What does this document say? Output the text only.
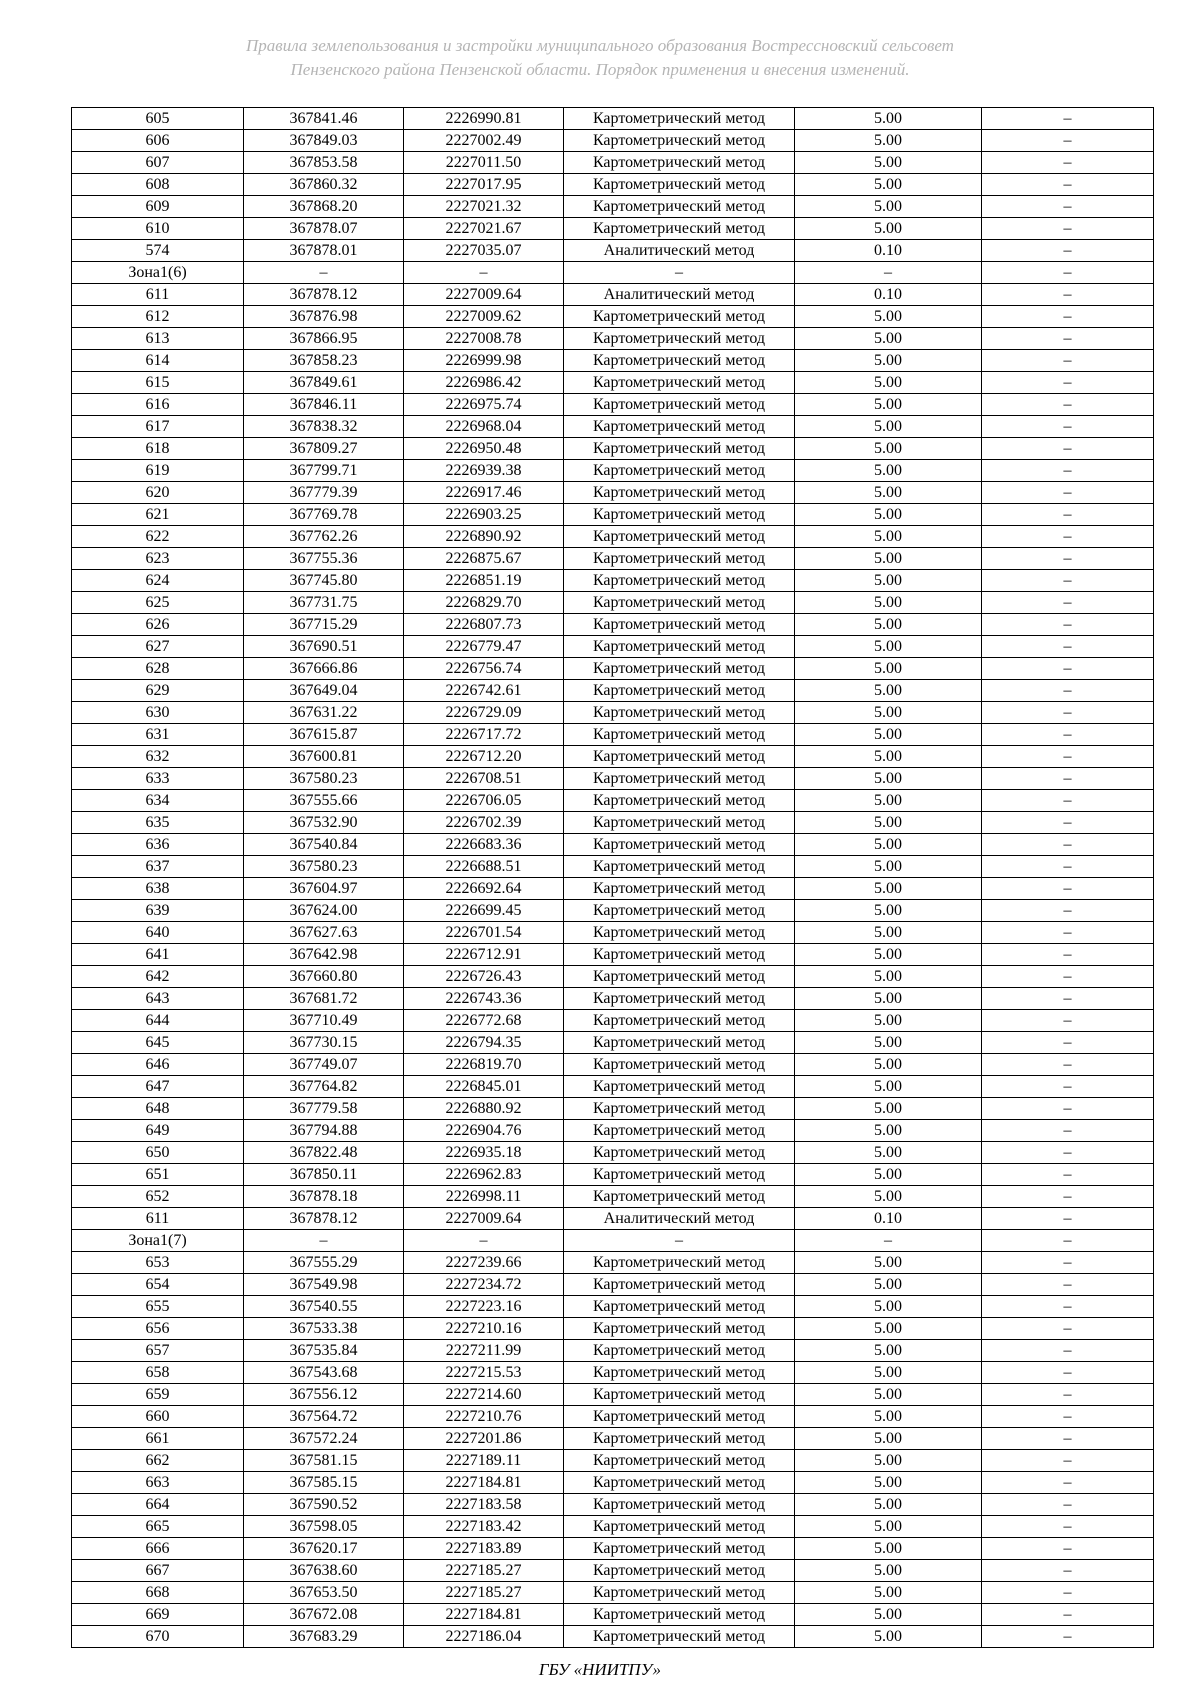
Правила землепользования и застройки муниципального образования Вострессновский сельсовет
Пензенского района Пензенской области. Порядок применения и внесения изменений.
605	367841.46	2226990.81	Картометрический метод	5.00	–
606	367849.03	2227002.49	Картометрический метод	5.00	–
607	367853.58	2227011.50	Картометрический метод	5.00	–
608	367860.32	2227017.95	Картометрический метод	5.00	–
609	367868.20	2227021.32	Картометрический метод	5.00	–
610	367878.07	2227021.67	Картометрический метод	5.00	–
574	367878.01	2227035.07	Аналитический метод	0.10	–
Зона1(6)	–	–	–	–	–
611	367878.12	2227009.64	Аналитический метод	0.10	–
612	367876.98	2227009.62	Картометрический метод	5.00	–
613	367866.95	2227008.78	Картометрический метод	5.00	–
614	367858.23	2226999.98	Картометрический метод	5.00	–
615	367849.61	2226986.42	Картометрический метод	5.00	–
616	367846.11	2226975.74	Картометрический метод	5.00	–
617	367838.32	2226968.04	Картометрический метод	5.00	–
618	367809.27	2226950.48	Картометрический метод	5.00	–
619	367799.71	2226939.38	Картометрический метод	5.00	–
620	367779.39	2226917.46	Картометрический метод	5.00	–
621	367769.78	2226903.25	Картометрический метод	5.00	–
622	367762.26	2226890.92	Картометрический метод	5.00	–
623	367755.36	2226875.67	Картометрический метод	5.00	–
624	367745.80	2226851.19	Картометрический метод	5.00	–
625	367731.75	2226829.70	Картометрический метод	5.00	–
626	367715.29	2226807.73	Картометрический метод	5.00	–
627	367690.51	2226779.47	Картометрический метод	5.00	–
628	367666.86	2226756.74	Картометрический метод	5.00	–
629	367649.04	2226742.61	Картометрический метод	5.00	–
630	367631.22	2226729.09	Картометрический метод	5.00	–
631	367615.87	2226717.72	Картометрический метод	5.00	–
632	367600.81	2226712.20	Картометрический метод	5.00	–
633	367580.23	2226708.51	Картометрический метод	5.00	–
634	367555.66	2226706.05	Картометрический метод	5.00	–
635	367532.90	2226702.39	Картометрический метод	5.00	–
636	367540.84	2226683.36	Картометрический метод	5.00	–
637	367580.23	2226688.51	Картометрический метод	5.00	–
638	367604.97	2226692.64	Картометрический метод	5.00	–
639	367624.00	2226699.45	Картометрический метод	5.00	–
640	367627.63	2226701.54	Картометрический метод	5.00	–
641	367642.98	2226712.91	Картометрический метод	5.00	–
642	367660.80	2226726.43	Картометрический метод	5.00	–
643	367681.72	2226743.36	Картометрический метод	5.00	–
644	367710.49	2226772.68	Картометрический метод	5.00	–
645	367730.15	2226794.35	Картометрический метод	5.00	–
646	367749.07	2226819.70	Картометрический метод	5.00	–
647	367764.82	2226845.01	Картометрический метод	5.00	–
648	367779.58	2226880.92	Картометрический метод	5.00	–
649	367794.88	2226904.76	Картометрический метод	5.00	–
650	367822.48	2226935.18	Картометрический метод	5.00	–
651	367850.11	2226962.83	Картометрический метод	5.00	–
652	367878.18	2226998.11	Картометрический метод	5.00	–
611	367878.12	2227009.64	Аналитический метод	0.10	–
Зона1(7)	–	–	–	–	–
653	367555.29	2227239.66	Картометрический метод	5.00	–
654	367549.98	2227234.72	Картометрический метод	5.00	–
655	367540.55	2227223.16	Картометрический метод	5.00	–
656	367533.38	2227210.16	Картометрический метод	5.00	–
657	367535.84	2227211.99	Картометрический метод	5.00	–
658	367543.68	2227215.53	Картометрический метод	5.00	–
659	367556.12	2227214.60	Картометрический метод	5.00	–
660	367564.72	2227210.76	Картометрический метод	5.00	–
661	367572.24	2227201.86	Картометрический метод	5.00	–
662	367581.15	2227189.11	Картометрический метод	5.00	–
663	367585.15	2227184.81	Картометрический метод	5.00	–
664	367590.52	2227183.58	Картометрический метод	5.00	–
665	367598.05	2227183.42	Картометрический метод	5.00	–
666	367620.17	2227183.89	Картометрический метод	5.00	–
667	367638.60	2227185.27	Картометрический метод	5.00	–
668	367653.50	2227185.27	Картометрический метод	5.00	–
669	367672.08	2227184.81	Картометрический метод	5.00	–
670	367683.29	2227186.04	Картометрический метод	5.00	–
ГБУ «НИИТПУ»
